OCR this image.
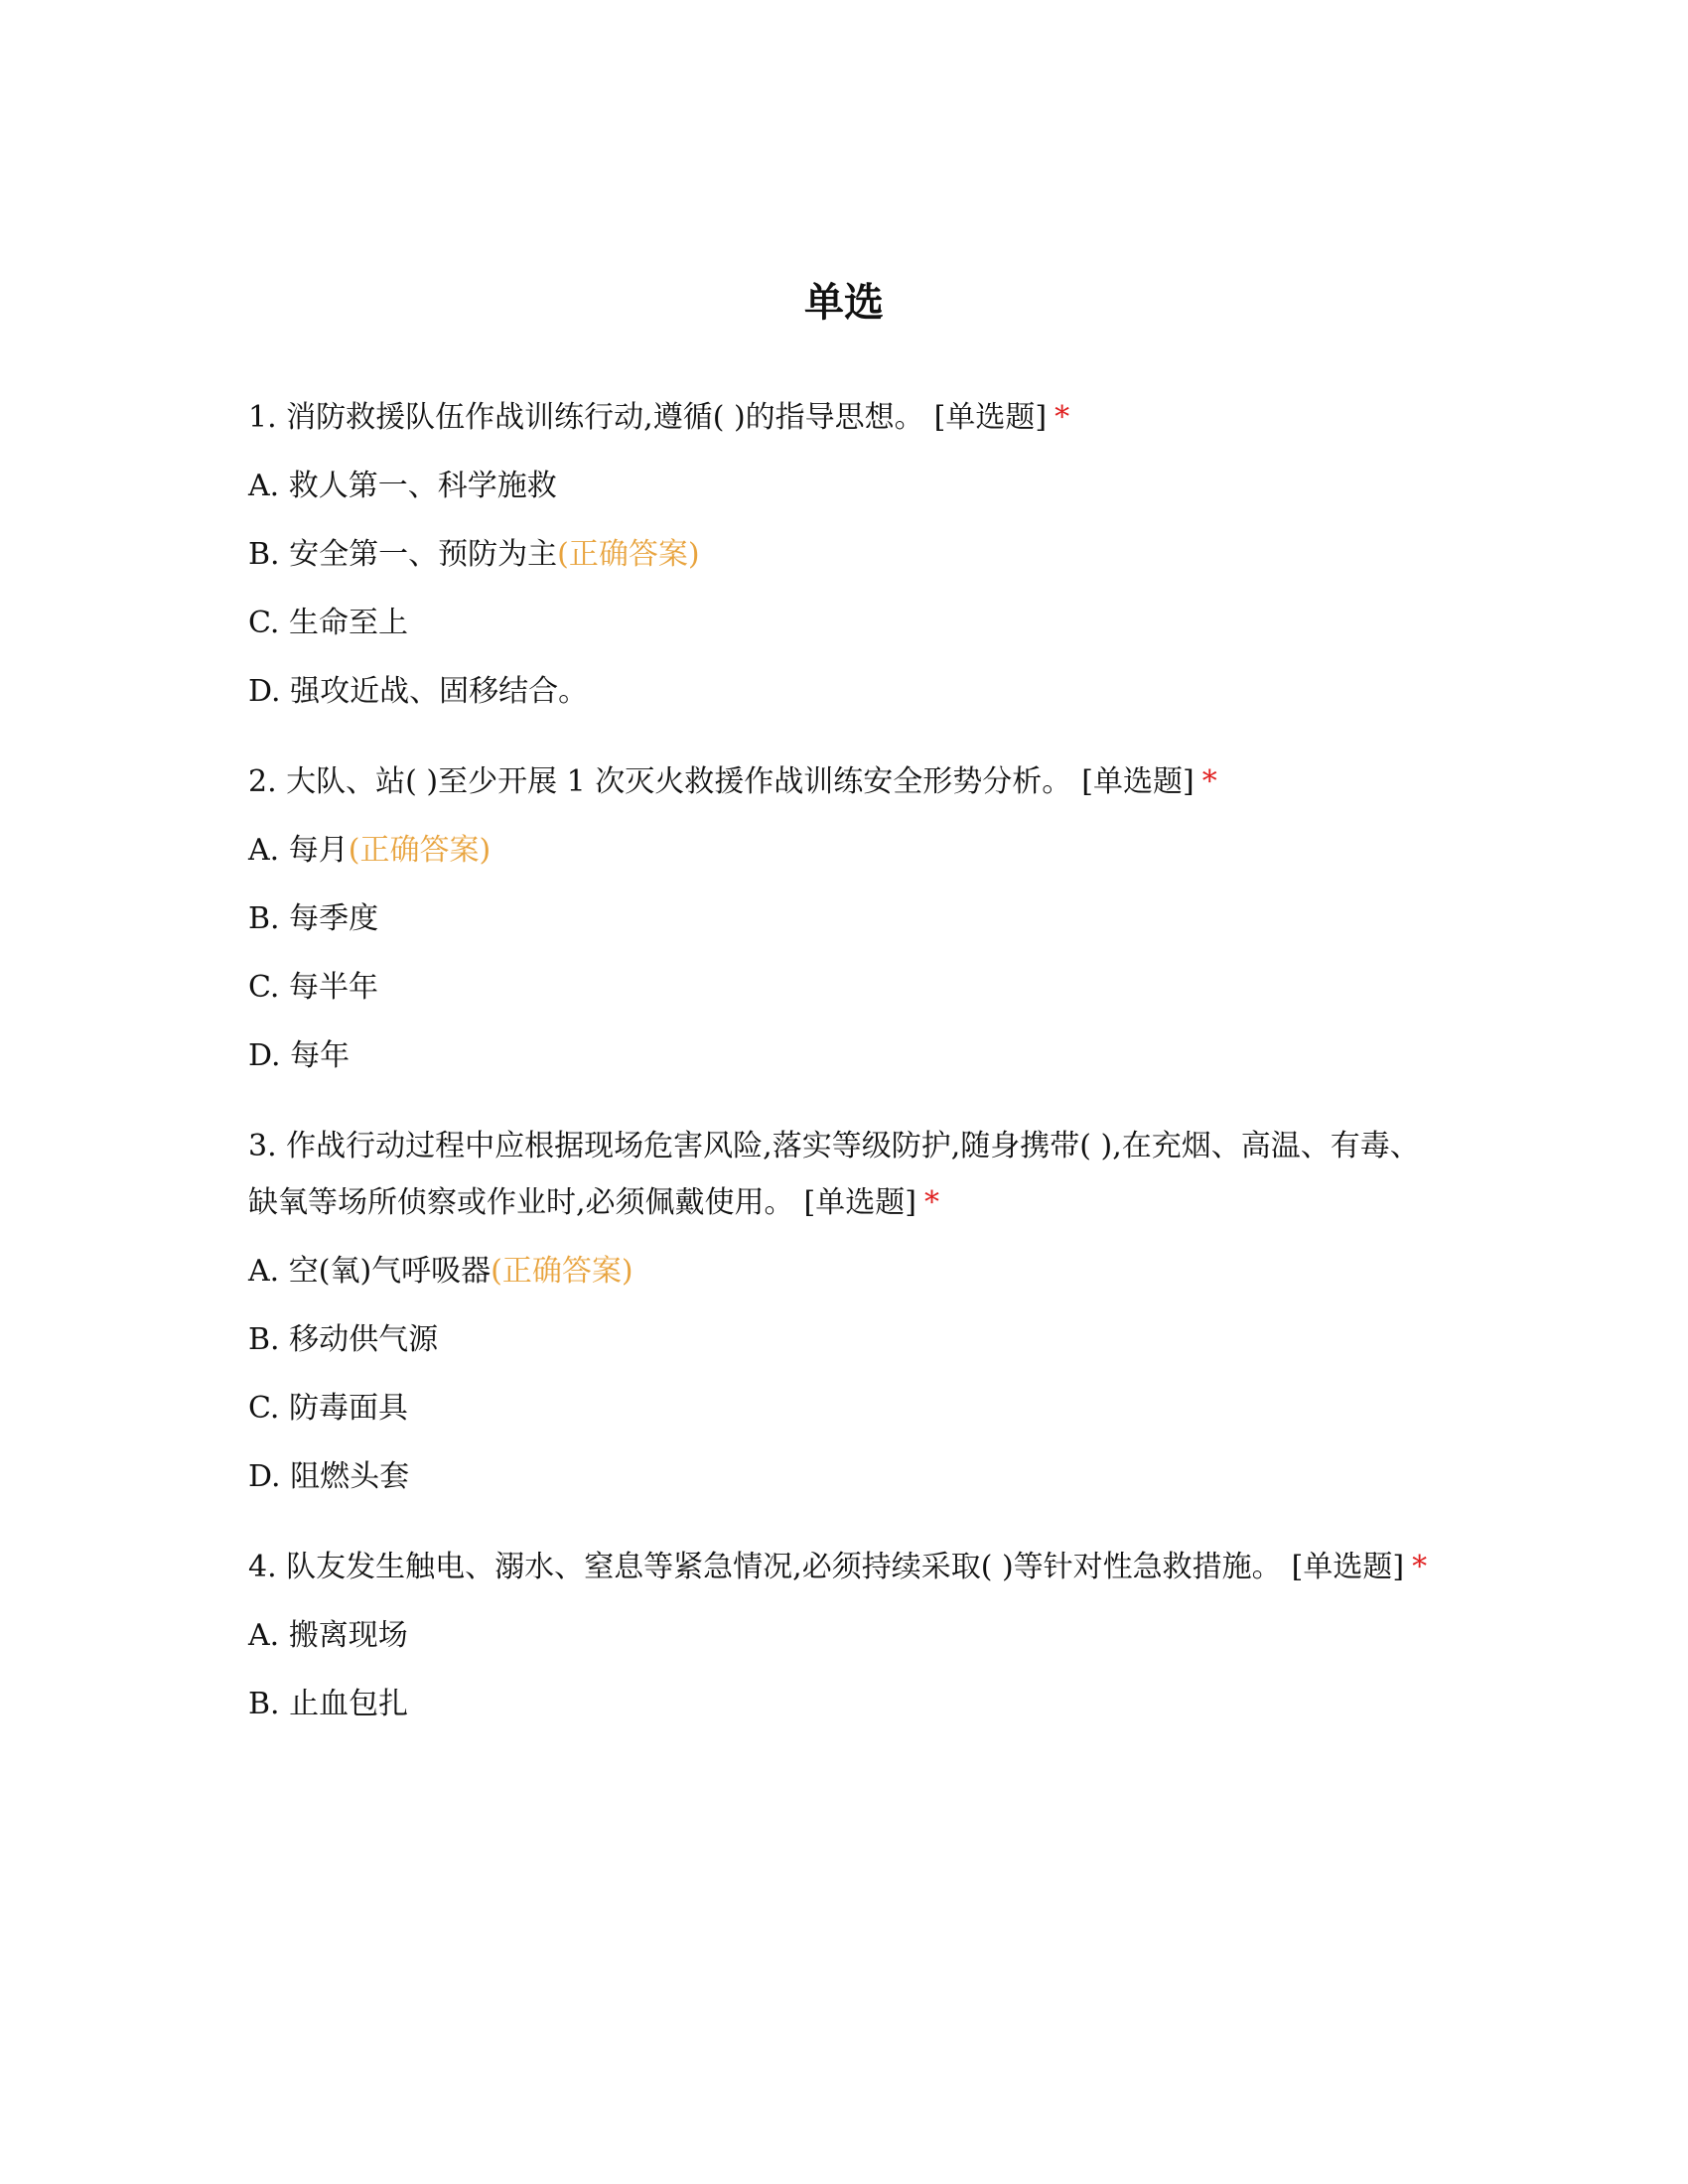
单选

1. 消防救援队伍作战训练行动,遵循( )的指导思想。 [单选题] *

A. 救人第一、科学施救
B. 安全第一、预防为主(正确答案)
C. 生命至上
D. 强攻近战、固移结合。

2. 大队、站( )至少开展 1 次灭火救援作战训练安全形势分析。 [单选题] *

A. 每月(正确答案)
B. 每季度
C. 每半年
D. 每年

3. 作战行动过程中应根据现场危害风险,落实等级防护,随身携带( ),在充烟、高温、有毒、缺氧等场所侦察或作业时,必须佩戴使用。 [单选题] *

A. 空(氧)气呼吸器(正确答案)
B. 移动供气源
C. 防毒面具
D. 阻燃头套

4. 队友发生触电、溺水、窒息等紧急情况,必须持续采取( )等针对性急救措施。 [单选题] *

A. 搬离现场
B. 止血包扎
